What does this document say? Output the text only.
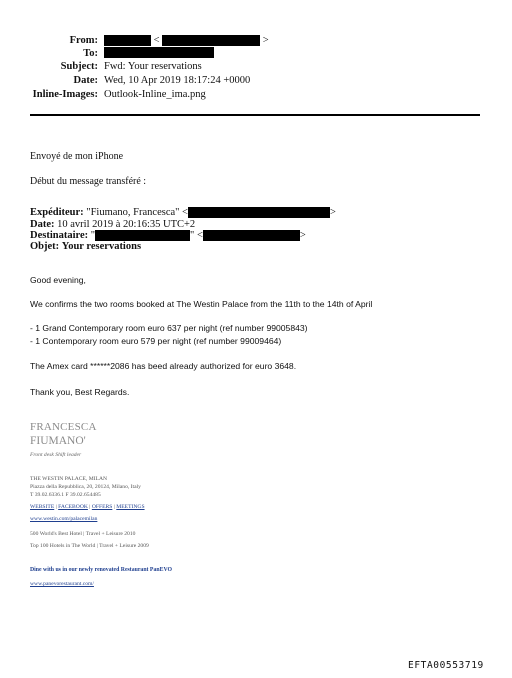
From:	<	>
To:
Subject: Fwd: Your reservations
Date: Wed, 10 Apr 2019 18:17:24 +0000
Inline-Images: Outlook-Inline_ima.png
Envoyé de mon iPhone
Début du message transféré :
Expéditeur: "Fiumano, Francesca" <	>
Date: 10 avril 2019 à 20:16:35 UTC+2
Destinataire: "	" <	>
Objet: Your reservations
Good evening,
We confirms the two rooms booked at The Westin Palace from the 11th to the 14th of April
- 1 Grand Contemporary room euro 637 per night (ref number 99005843)
- 1 Contemporary room euro 579 per night (ref number 99009464)
The Amex card ******2086 has beed already authorized for euro 3648.
Thank you, Best Regards.
FRANCESCA
FIUMANO'
Front desk Shift leader
THE WESTIN PALACE, MILAN
Piazza della Repubblica, 20, 20124, Milano, Italy
T 39.02.6336.1 F 39.02.654485
WEBSITE | FACEBOOK | OFFERS | MEETINGS
www.westin.com/palacemilan
500 World's Best Hotel | Travel + Leisure 2010
Top 100 Hotels in The World | Travel + Leisure 2009
Dine with us in our newly renovated Restaurant PanEVO
www.panevorestaurant.com/
EFTA00553719
